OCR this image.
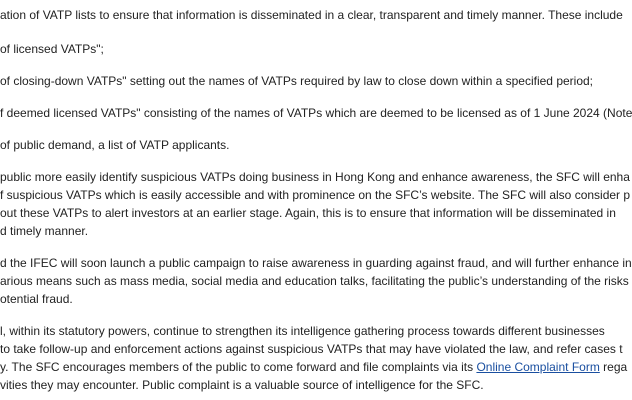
ation of VATP lists to ensure that information is disseminated in a clear, transparent and timely manner. These include
of licensed VATPs";
of closing-down VATPs" setting out the names of VATPs required by law to close down within a specified period;
f deemed licensed VATPs" consisting of the names of VATPs which are deemed to be licensed as of 1 June 2024 (Note
of public demand, a list of VATP applicants.
public more easily identify suspicious VATPs doing business in Hong Kong and enhance awareness, the SFC will enha
f suspicious VATPs which is easily accessible and with prominence on the SFC’s website. The SFC will also consider p
out these VATPs to alert investors at an earlier stage. Again, this is to ensure that information will be disseminated in
d timely manner.
d the IFEC will soon launch a public campaign to raise awareness in guarding against fraud, and will further enhance in
arious means such as mass media, social media and education talks, facilitating the public’s understanding of the risks
otential fraud.
l, within its statutory powers, continue to strengthen its intelligence gathering process towards different businesses
to take follow-up and enforcement actions against suspicious VATPs that may have violated the law, and refer cases t
y. The SFC encourages members of the public to come forward and file complaints via its Online Complaint Form rega
vities they may encounter. Public complaint is a valuable source of intelligence for the SFC.
